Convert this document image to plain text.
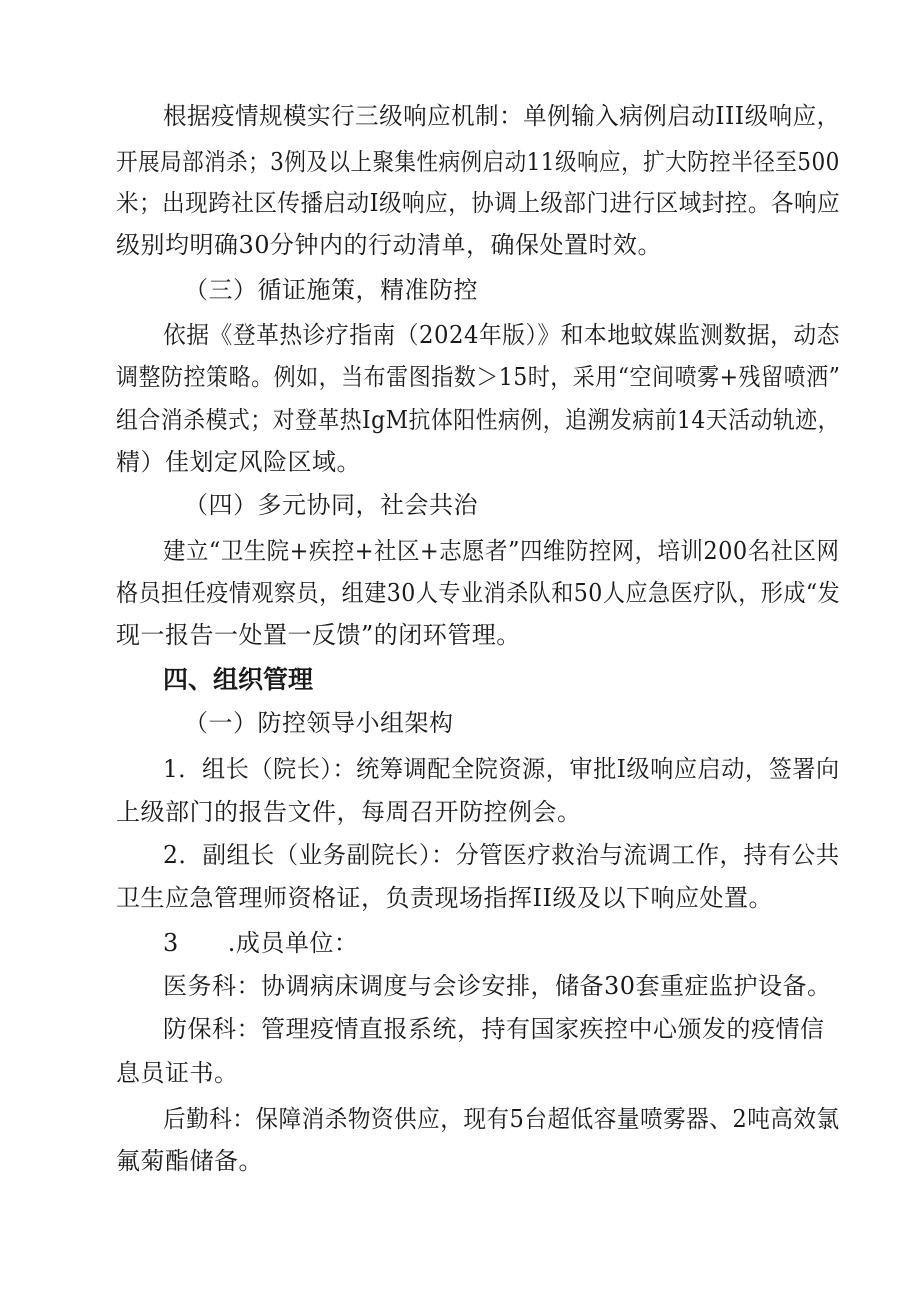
根据疫情规模实行三级响应机制：单例输入病例启动III级响应，
开展局部消杀；3例及以上聚集性病例启动11级响应，扩大防控半径至500
米；出现跨社区传播启动I级响应，协调上级部门进行区域封控。各响应
级别均明确30分钟内的行动清单，确保处置时效。
（三）循证施策，精准防控
依据《登革热诊疗指南（2024年版）》和本地蚊媒监测数据，动态
调整防控策略。例如，当布雷图指数＞15时，采用“空间喷雾+残留喷洒”
组合消杀模式；对登革热IgM抗体阳性病例，追溯发病前14天活动轨迹，
精）佳划定风险区域。
（四）多元协同，社会共治
建立“卫生院+疾控+社区+志愿者”四维防控网，培训200名社区网
格员担任疫情观察员，组建30人专业消杀队和50人应急医疗队，形成“发
现一报告一处置一反馈”的闭环管理。
四、组织管理
（一）防控领导小组架构
1．组长（院长）：统筹调配全院资源，审批I级响应启动，签署向
上级部门的报告文件，每周召开防控例会。
2．副组长（业务副院长）：分管医疗救治与流调工作，持有公共
卫生应急管理师资格证，负责现场指挥II级及以下响应处置。
3　　.成员单位：
医务科：协调病床调度与会诊安排，储备30套重症监护设备。
防保科：管理疫情直报系统，持有国家疾控中心颁发的疫情信
息员证书。
后勤科：保障消杀物资供应，现有5台超低容量喷雾器、2吨高效氯
氟菊酯储备。
